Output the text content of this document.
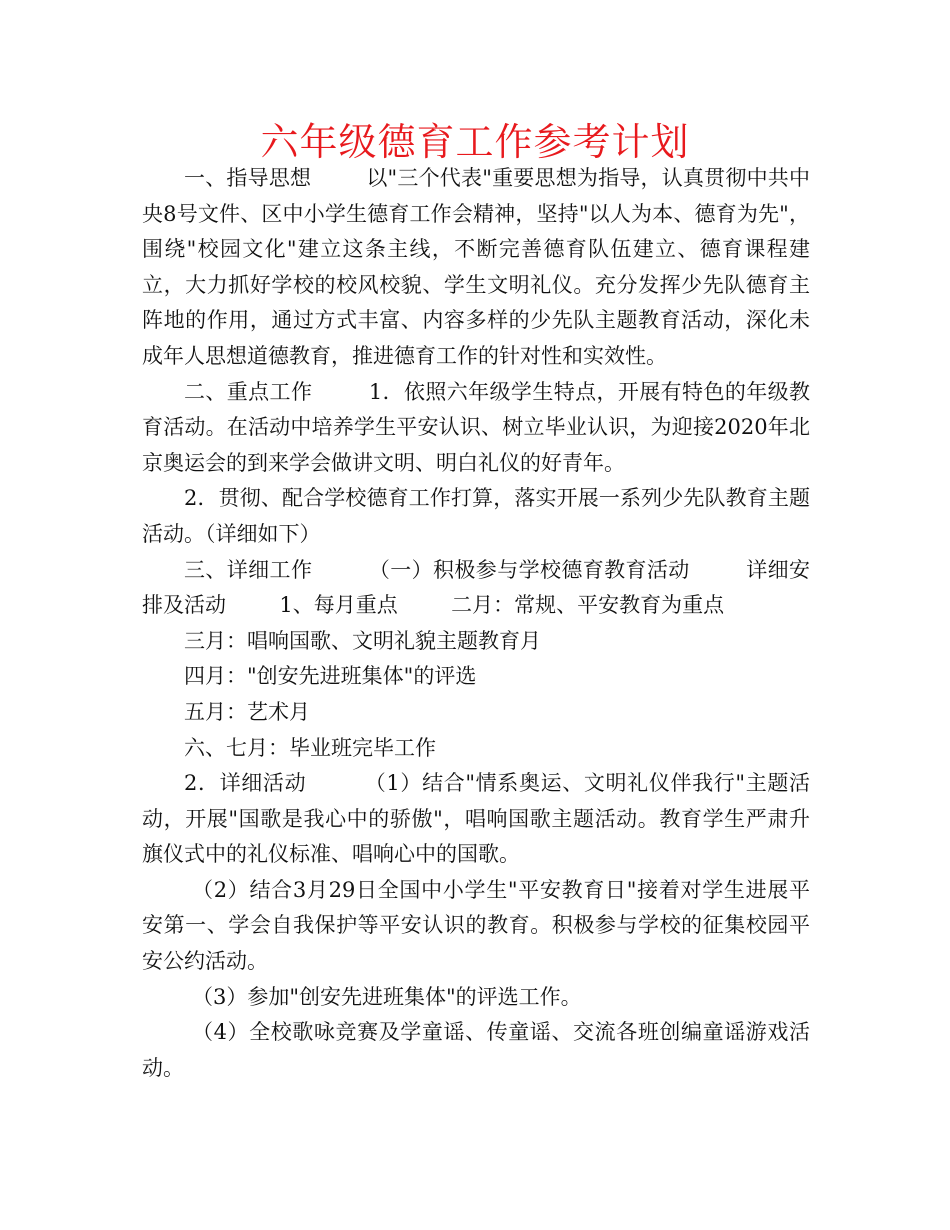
六年级德育工作参考计划

一、指导思想        以"三个代表"重要思想为指导，认真贯彻中共中央8号文件、区中小学生德育工作会精神，坚持"以人为本、德育为先"，围绕"校园文化"建立这条主线，不断完善德育队伍建立、德育课程建立，大力抓好学校的校风校貌、学生文明礼仪。充分发挥少先队德育主阵地的作用，通过方式丰富、内容多样的少先队主题教育活动，深化未成年人思想道德教育，推进德育工作的针对性和实效性。

二、重点工作        1．依照六年级学生特点，开展有特色的年级教育活动。在活动中培养学生平安认识、树立毕业认识，为迎接2020年北京奥运会的到来学会做讲文明、明白礼仪的好青年。

2．贯彻、配合学校德育工作打算，落实开展一系列少先队教育主题活动。（详细如下）

三、详细工作        （一）积极参与学校德育教育活动        详细安排及活动        1、每月重点        二月：常规、平安教育为重点

三月：唱响国歌、文明礼貌主题教育月

四月："创安先进班集体"的评选

五月：艺术月

六、七月：毕业班完毕工作

2．详细活动        （1）结合"情系奥运、文明礼仪伴我行"主题活动，开展"国歌是我心中的骄傲"，唱响国歌主题活动。教育学生严肃升旗仪式中的礼仪标准、唱响心中的国歌。

（2）结合3月29日全国中小学生"平安教育日"接着对学生进展平安第一、学会自我保护等平安认识的教育。积极参与学校的征集校园平安公约活动。

（3）参加"创安先进班集体"的评选工作。

（4）全校歌咏竞赛及学童谣、传童谣、交流各班创编童谣游戏活动。
